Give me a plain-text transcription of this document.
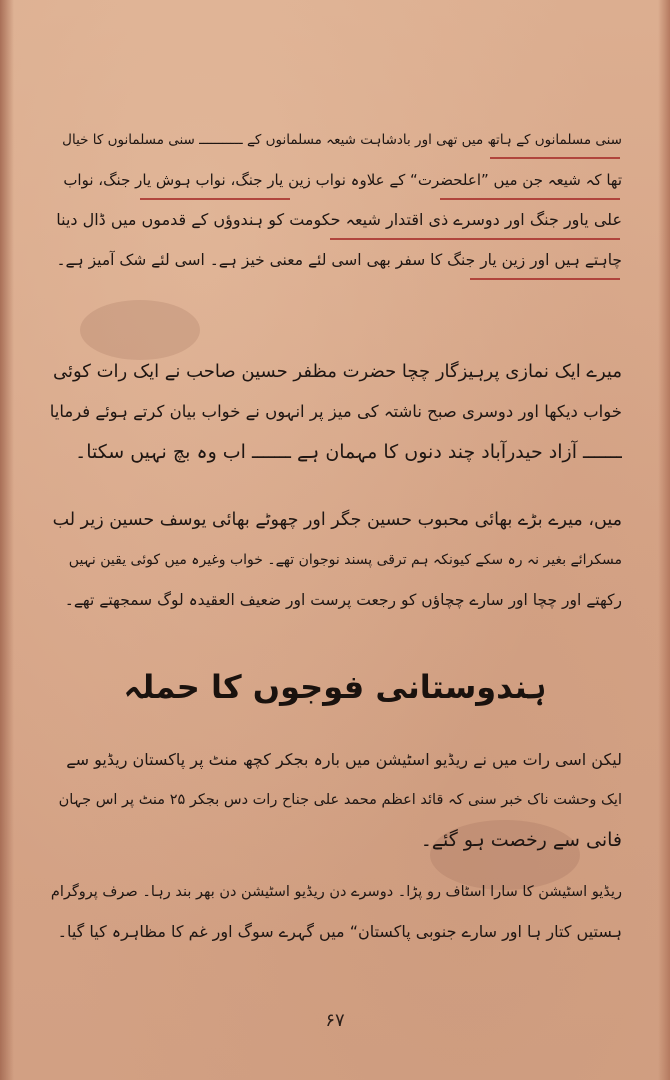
سنی مسلمانوں کے ہاتھ میں تھی اور بادشاہت شیعہ مسلمانوں کے ـــــــــــ سنی مسلمانوں کا خیال
تھا کہ شیعہ جن میں ”اعلحضرت“ کے علاوہ نواب زین یار جنگ، نواب ہوش یار جنگ، نواب
علی یاور جنگ اور دوسرے ذی اقتدار شیعہ حکومت کو ہندوؤں کے قدموں میں ڈال دینا
چاہتے ہیں اور زین یار جنگ کا سفر بھی اسی لئے معنی خیز ہے۔ اسی لئے شک آمیز ہے۔
میرے ایک نمازی پرہیزگار چچا حضرت مظفر حسین صاحب نے ایک رات کوئی
خواب دیکھا اور دوسری صبح ناشتہ کی میز پر انہوں نے خواب بیان کرتے ہوئے فرمایا
ـــــــ آزاد حیدرآباد چند دنوں کا مہمان ہے ـــــــ اب وہ بچ نہیں سکتا۔
میں، میرے بڑے بھائی محبوب حسین جگر اور چھوٹے بھائی یوسف حسین زیر لب
مسکرائے بغیر نہ رہ سکے کیونکہ ہم ترقی پسند نوجوان تھے۔ خواب وغیرہ میں کوئی یقین نہیں
رکھتے اور چچا اور سارے چچاؤں کو رجعت پرست اور ضعیف العقیدہ لوگ سمجھتے تھے۔
ہندوستانی فوجوں کا حملہ
لیکن اسی رات میں نے ریڈیو اسٹیشن میں بارہ بجکر کچھ منٹ پر پاکستان ریڈیو سے
ایک وحشت ناک خبر سنی کہ قائد اعظم محمد علی جناح رات دس بجکر ۲۵ منٹ پر اس جہان
فانی سے رخصت ہو گئے۔
ریڈیو اسٹیشن کا سارا اسٹاف رو پڑا۔ دوسرے دن ریڈیو اسٹیشن دن بھر بند رہا۔ صرف پروگرام
ہستیں کتار ہا اور سارے جنوبی پاکستان“ میں گہرے سوگ اور غم کا مظاہرہ کیا گیا۔
۶۷
